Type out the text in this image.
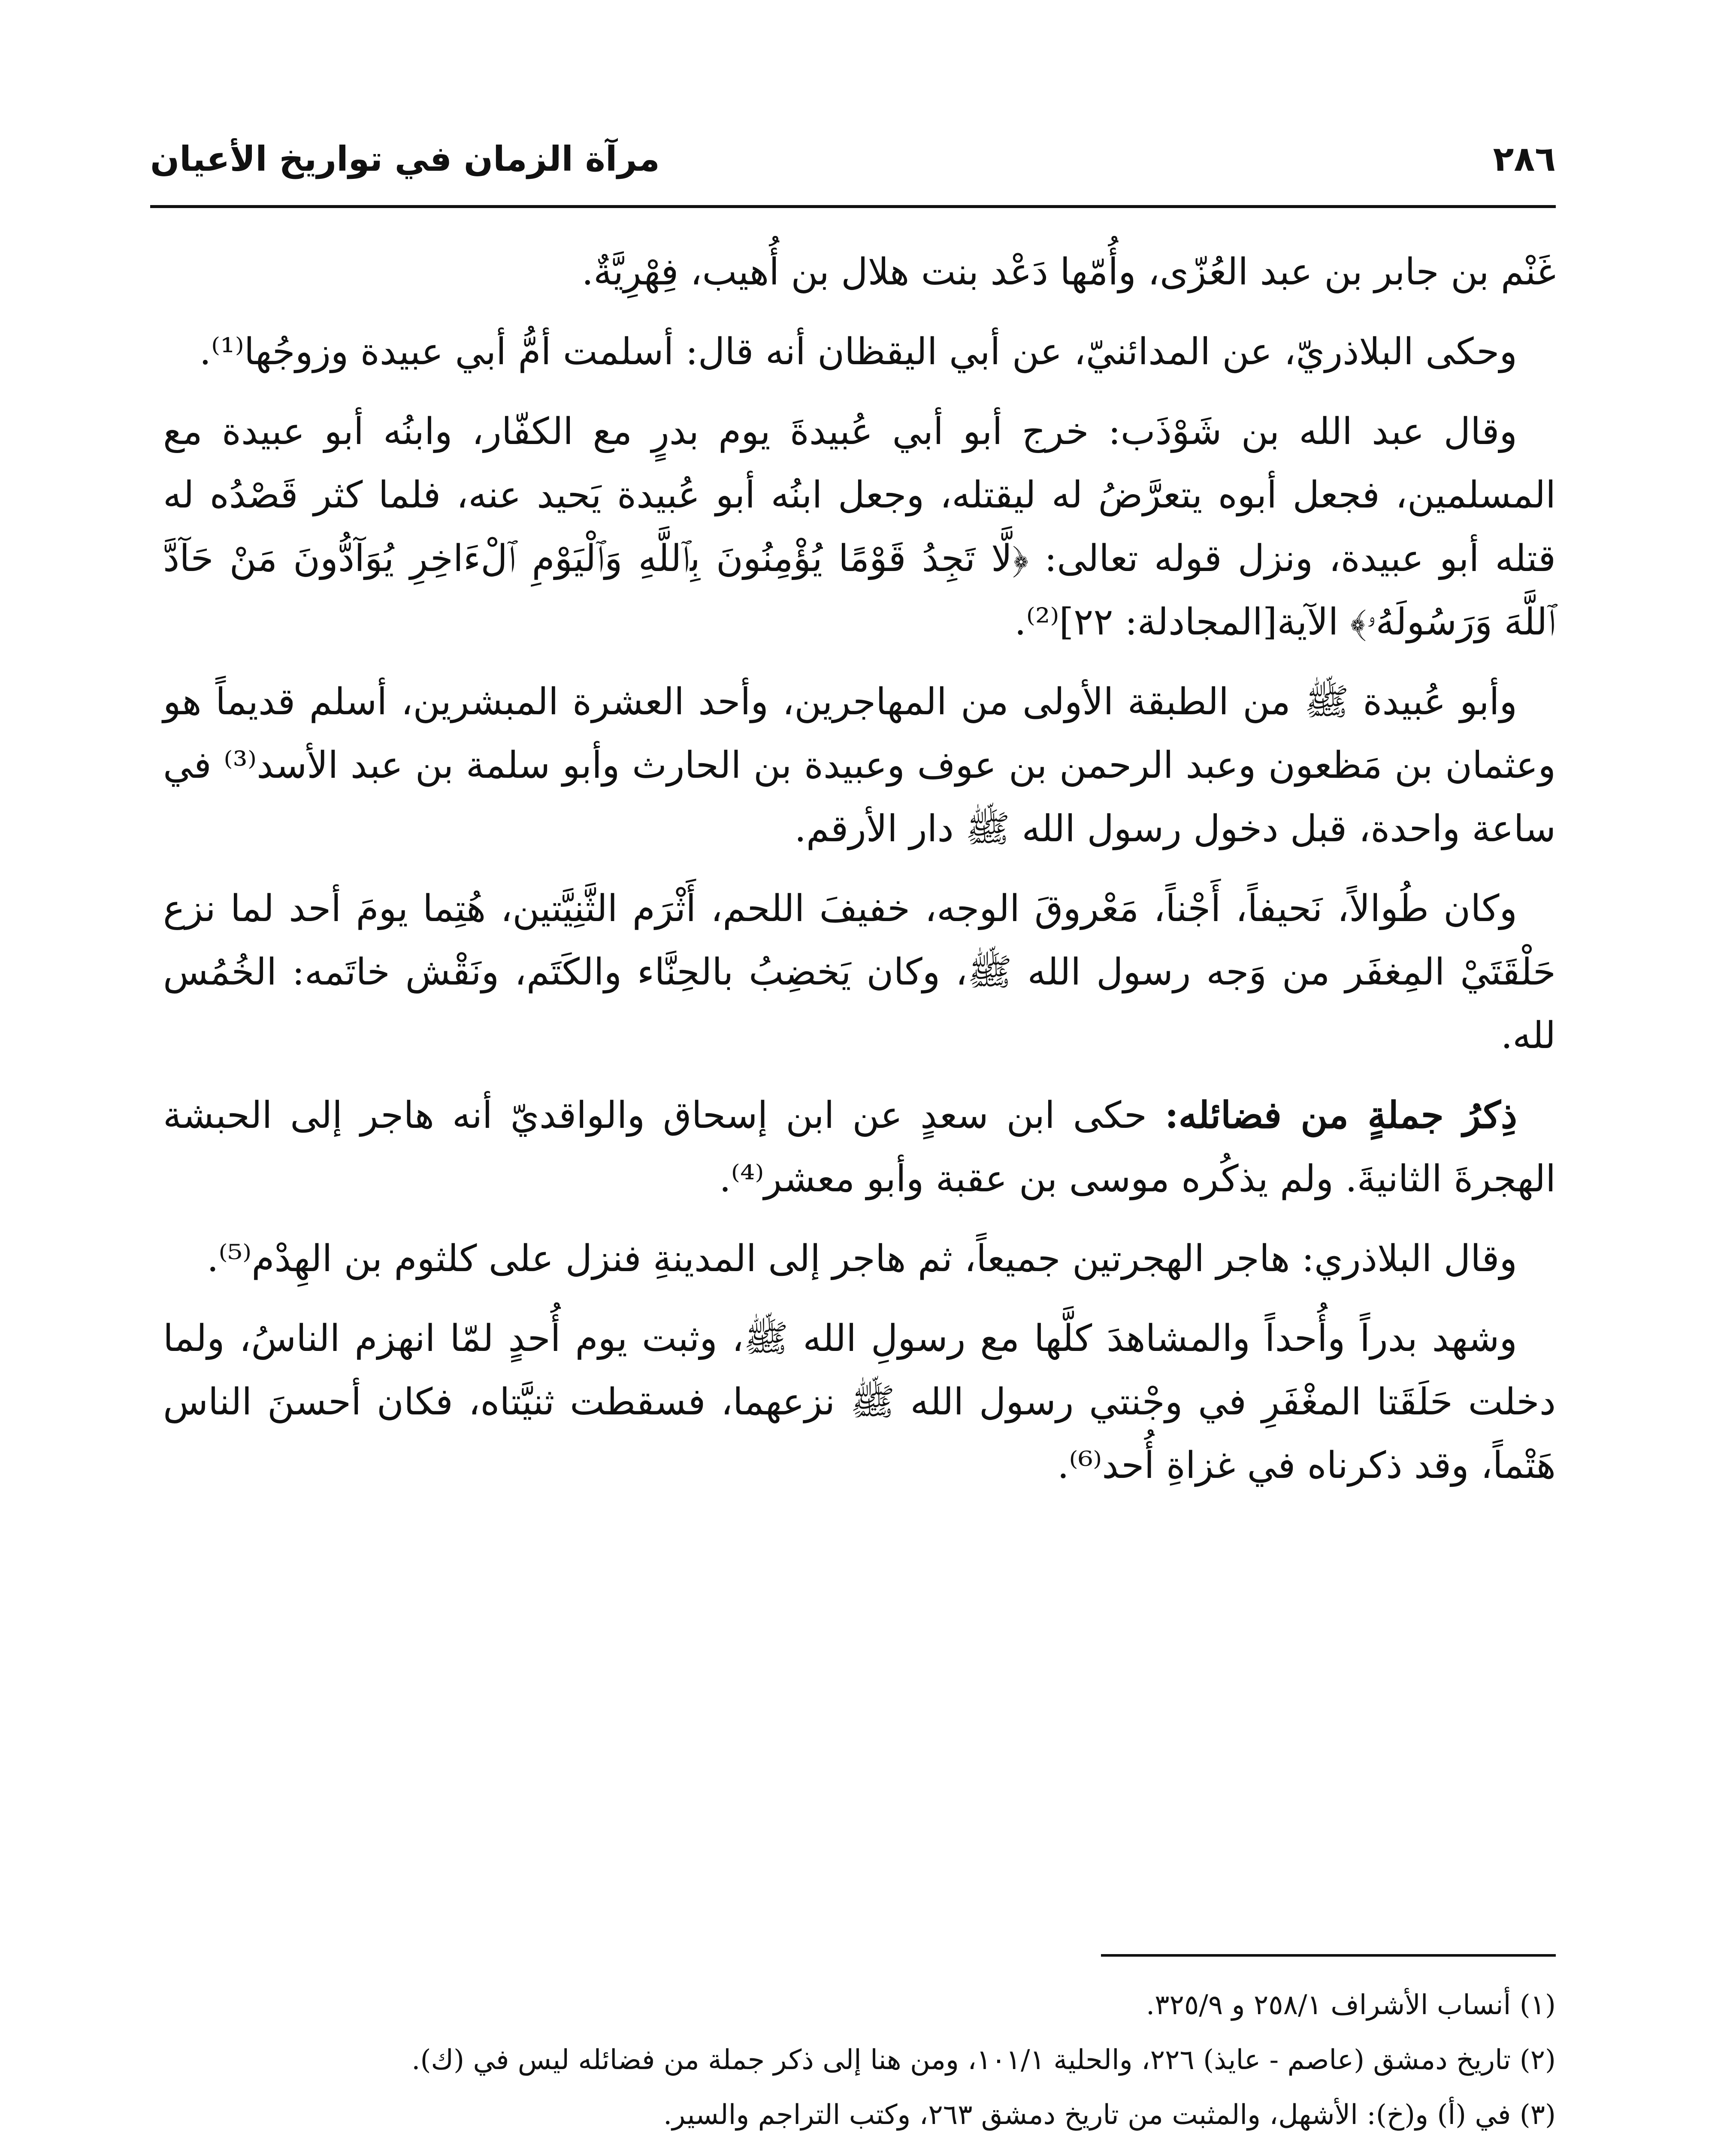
٢٨٦
مرآة الزمان في تواريخ الأعيان

غَنْم بن جابر بن عبد العُزّى، وأُمّها دَعْد بنت هلال بن أُهيب، فِهْرِيَّةٌ.

وحكى البلاذريّ، عن المدائنيّ، عن أبي اليقظان أنه قال: أسلمت أمُّ أبي عبيدة وزوجُها⁽¹⁾.

وقال عبد الله بن شَوْذَب: خرج أبو أبي عُبيدةَ يوم بدرٍ مع الكفّار، وابنُه أبو عبيدة مع المسلمين، فجعل أبوه يتعرَّضُ له ليقتله، وجعل ابنُه أبو عُبيدة يَحيد عنه، فلما كثر قَصْدُه له قتله أبو عبيدة، ونزل قوله تعالى: ﴿لَّا تَجِدُ قَوْمًا يُؤْمِنُونَ بِٱللَّهِ وَٱلْيَوْمِ ٱلْءَاخِرِ يُوَآدُّونَ مَنْ حَآدَّ ٱللَّهَ وَرَسُولَهُۥ﴾ الآية[المجادلة: ٢٢]⁽²⁾.

وأبو عُبيدة ﷺ من الطبقة الأولى من المهاجرين، وأحد العشرة المبشرين، أسلم قديماً هو وعثمان بن مَظعون وعبد الرحمن بن عوف وعبيدة بن الحارث وأبو سلمة بن عبد الأسد⁽³⁾ في ساعة واحدة، قبل دخول رسول الله ﷺ دار الأرقم.

وكان طُوالاً، نَحيفاً، أَجْناً، مَعْروقَ الوجه، خفيفَ اللحم، أَثْرَم الثَّنِيَّتين، هُتِما يومَ أحد لما نزع حَلْقَتَيْ المِغفَر من وَجه رسول الله ﷺ، وكان يَخضِبُ بالحِنَّاء والكَتَم، ونَقْش خاتَمه: الخُمُس لله.

ذِكرُ جملةٍ من فضائله: حكى ابن سعدٍ عن ابن إسحاق والواقديّ أنه هاجر إلى الحبشة الهجرةَ الثانيةَ. ولم يذكُره موسى بن عقبة وأبو معشر⁽⁴⁾.

وقال البلاذري: هاجر الهجرتين جميعاً، ثم هاجر إلى المدينةِ فنزل على كلثوم بن الهِدْم⁽⁵⁾.

وشهد بدراً وأُحداً والمشاهدَ كلَّها مع رسولِ الله ﷺ، وثبت يوم أُحدٍ لمّا انهزم الناسُ، ولما دخلت حَلَقَتا المغْفَرِ في وجْنتي رسول الله ﷺ نزعهما، فسقطت ثنيَّتاه، فكان أحسنَ الناس هَتْماً، وقد ذكرناه في غزاةِ أُحد⁽⁶⁾.

(١) أنساب الأشراف ٢٥٨/١ و ٣٢٥/٩.

(٢) تاريخ دمشق (عاصم - عايذ) ٢٢٦، والحلية ١٠١/١، ومن هنا إلى ذكر جملة من فضائله ليس في (ك).

(٣) في (أ) و(خ): الأشهل، والمثبت من تاريخ دمشق ٢٦٣، وكتب التراجم والسير.
